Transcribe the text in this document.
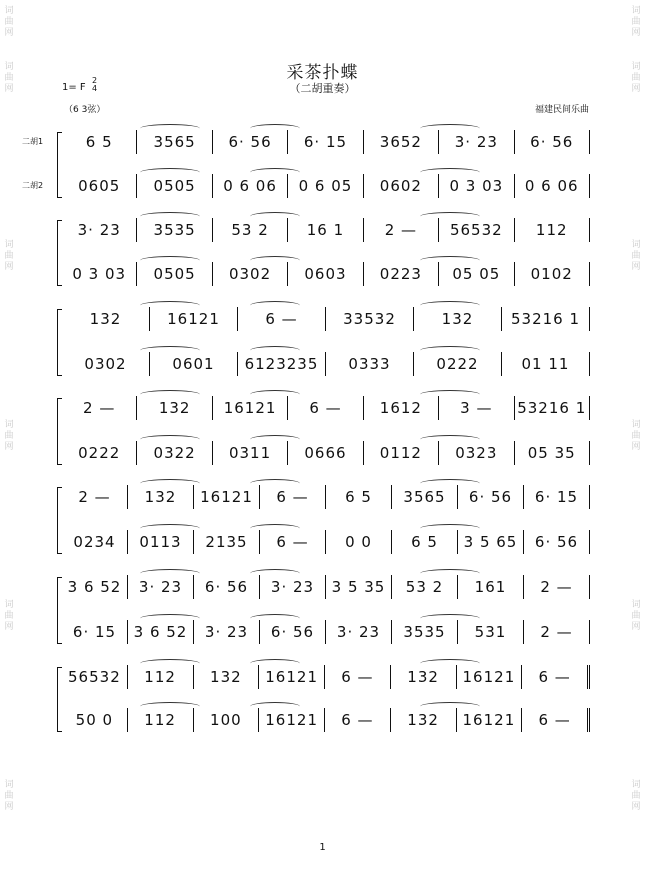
词曲网
词曲网
词曲网
词曲网
词曲网
词曲网
词曲网
词曲网
词曲网
词曲网
词曲网
词曲网
采茶扑蝶
（二胡重奏）
1= F
2
4
（6 3弦）	福建民间乐曲
二胡1
二胡2
6 5	3565	6· 56	6· 15	3652	3· 23	6· 56
0605	0505	0 6 06	0 6 05	0602	0 3 03	0 6 06
3· 23	3535	53 2	16 1	2 —	56532	112
0 3 03	0505	0302	0603	0223	05 05	0102
132	16121	6 —	33532	132	53216 1
0302	0601	6123235	0333	0222	01 11
2 —	132	16121	6 —	1612	3 —	53216 1
0222	0322	0311	0666	0112	0323	05 35
2 —	132	16121	6 —	6 5	3565	6· 56	6· 15
0234	0113	2135	6 —	0 0	6 5	3 5 65	6· 56
3 6 52	3· 23	6· 56	3· 23	3 5 35	53 2	161	2 —
6· 15	3 6 52	3· 23	6· 56	3· 23	3535	531	2 —
56532	112	132	16121	6 —	132	16121	6 —
50 0	112	100	16121	6 —	132	16121	6 —
1
